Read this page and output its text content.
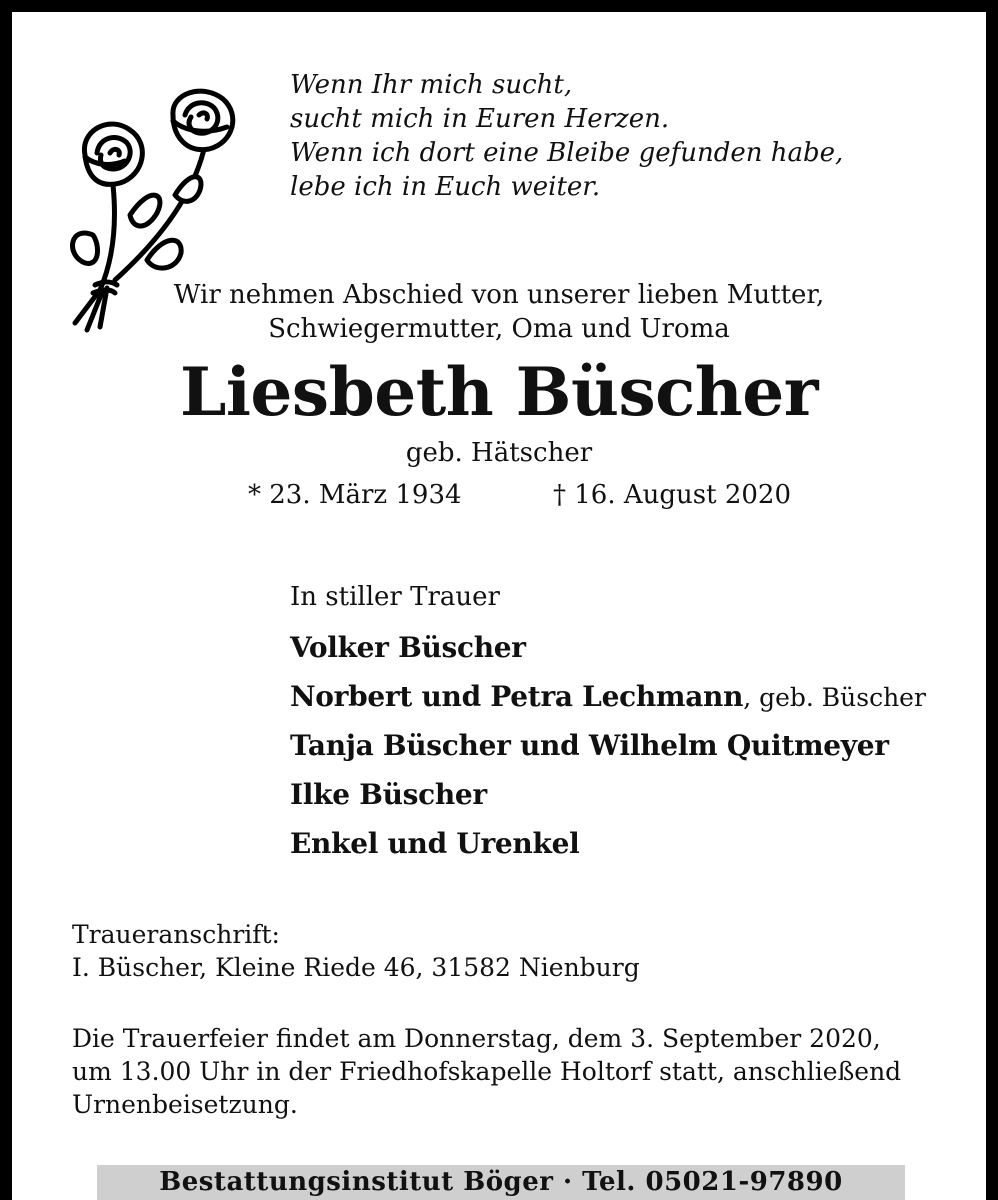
Wenn Ihr mich sucht,
sucht mich in Euren Herzen.
Wenn ich dort eine Bleibe gefunden habe,
lebe ich in Euch weiter.
Wir nehmen Abschied von unserer lieben Mutter,
Schwiegermutter, Oma und Uroma
Liesbeth Büscher
geb. Hätscher
* 23. März 1934	† 16. August 2020
In stiller Trauer
Volker Büscher
Norbert und Petra Lechmann, geb. Büscher
Tanja Büscher und Wilhelm Quitmeyer
Ilke Büscher
Enkel und Urenkel
Traueranschrift:
I. Büscher, Kleine Riede 46, 31582 Nienburg
Die Trauerfeier findet am Donnerstag, dem 3. September 2020,
um 13.00 Uhr in der Friedhofskapelle Holtorf statt, anschließend
Urnenbeisetzung.
Bestattungsinstitut Böger · Tel. 05021-97890
